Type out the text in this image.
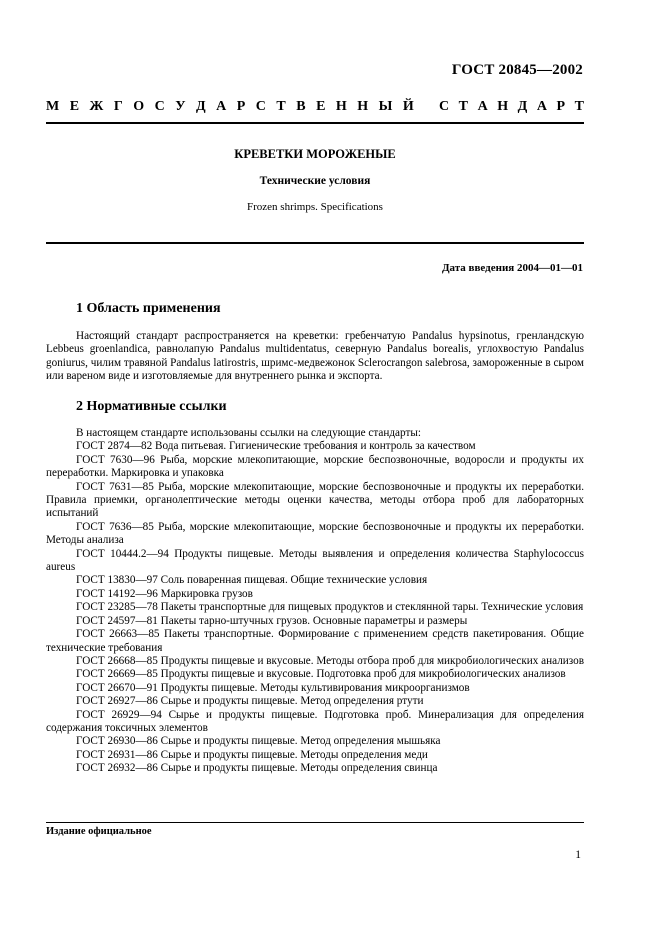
ГОСТ 20845—2002
М Е Ж Г О С У Д А Р С Т В Е Н Н Ы Й С Т А Н Д А Р Т
КРЕВЕТКИ МОРОЖЕНЫЕ
Технические условия
Frozen shrimps. Specifications
Дата введения 2004—01—01
1 Область применения
Настоящий стандарт распространяется на креветки: гребенчатую Pandalus hypsinotus, гренландскую Lebbeus groenlandica, равнолапую Pandalus multidentatus, северную Pandalus borealis, углохвостую Pandalus goniurus, чилим травяной Pandalus latirostris, шримс-медвежонок Sclerocrangon salebrosa, замороженные в сыром или вареном виде и изготовляемые для внутреннего рынка и экспорта.
2 Нормативные ссылки

В настоящем стандарте использованы ссылки на следующие стандарты:

ГОСТ 2874—82 Вода питьевая. Гигиенические требования и контроль за качеством

ГОСТ 7630—96 Рыба, морские млекопитающие, морские беспозвоночные, водоросли и продукты их переработки. Маркировка и упаковка

ГОСТ 7631—85 Рыба, морские млекопитающие, морские беспозвоночные и продукты их переработки. Правила приемки, органолептические методы оценки качества, методы отбора проб для лабораторных испытаний

ГОСТ 7636—85 Рыба, морские млекопитающие, морские беспозвоночные и продукты их переработки. Методы анализа

ГОСТ 10444.2—94 Продукты пищевые. Методы выявления и определения количества Staphylococcus aureus

ГОСТ 13830—97 Соль поваренная пищевая. Общие технические условия

ГОСТ 14192—96 Маркировка грузов

ГОСТ 23285—78 Пакеты транспортные для пищевых продуктов и стеклянной тары. Технические условия

ГОСТ 24597—81 Пакеты тарно-штучных грузов. Основные параметры и размеры

ГОСТ 26663—85 Пакеты транспортные. Формирование с применением средств пакетирования. Общие технические требования

ГОСТ 26668—85 Продукты пищевые и вкусовые. Методы отбора проб для микробиологических анализов

ГОСТ 26669—85 Продукты пищевые и вкусовые. Подготовка проб для микробиологических анализов

ГОСТ 26670—91 Продукты пищевые. Методы культивирования микроорганизмов

ГОСТ 26927—86 Сырье и продукты пищевые. Метод определения ртути

ГОСТ 26929—94 Сырье и продукты пищевые. Подготовка проб. Минерализация для определения содержания токсичных элементов

ГОСТ 26930—86 Сырье и продукты пищевые. Метод определения мышьяка

ГОСТ 26931—86 Сырье и продукты пищевые. Методы определения меди

ГОСТ 26932—86 Сырье и продукты пищевые. Методы определения свинца

Издание официальное
1
